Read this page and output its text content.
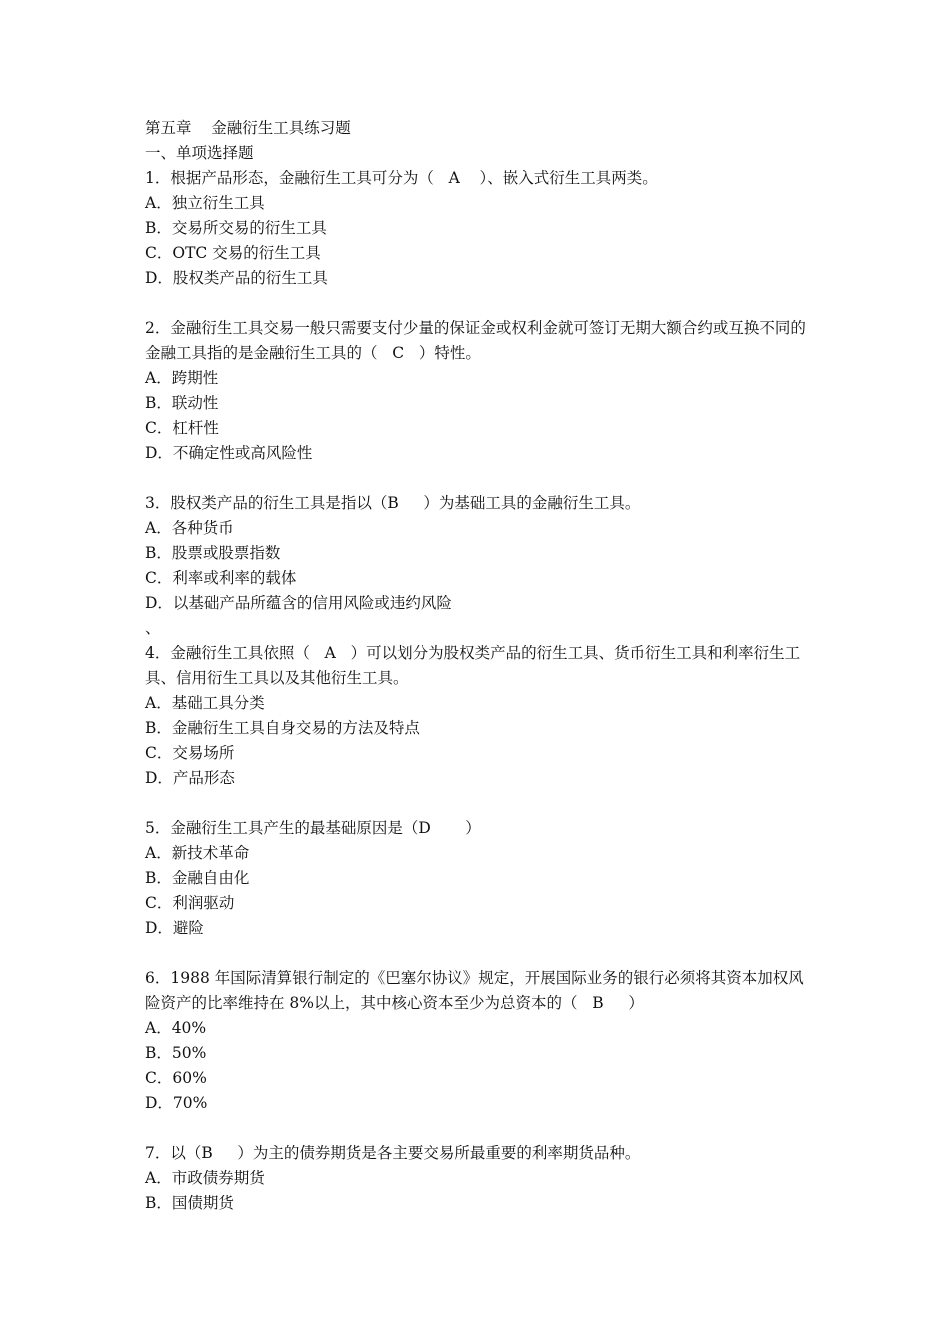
第五章    金融衍生工具练习题
一、单项选择题
1．根据产品形态，金融衍生工具可分为（   A    ）、嵌入式衍生工具两类。
A．独立衍生工具
B．交易所交易的衍生工具
C．OTC 交易的衍生工具
D．股权类产品的衍生工具
2．金融衍生工具交易一般只需要支付少量的保证金或权利金就可签订无期大额合约或互换不同的金融工具指的是金融衍生工具的（   C   ）特性。
A．跨期性
B．联动性
C．杠杆性
D．不确定性或高风险性
3．股权类产品的衍生工具是指以（B     ）为基础工具的金融衍生工具。
A．各种货币
B．股票或股票指数
C．利率或利率的载体
D．以基础产品所蕴含的信用风险或违约风险
、
4．金融衍生工具依照（   A   ）可以划分为股权类产品的衍生工具、货币衍生工具和利率衍生工具、信用衍生工具以及其他衍生工具。
A．基础工具分类
B．金融衍生工具自身交易的方法及特点
C．交易场所
D．产品形态
5．金融衍生工具产生的最基础原因是（D       ）
A．新技术革命
B．金融自由化
C．利润驱动
D．避险
6．1988 年国际清算银行制定的《巴塞尔协议》规定，开展国际业务的银行必须将其资本加权风险资产的比率维持在 8%以上，其中核心资本至少为总资本的（   B     ）
A．40%
B．50%
C．60%
D．70%
7．以（B     ）为主的债券期货是各主要交易所最重要的利率期货品种。
A．市政债券期货
B．国债期货
